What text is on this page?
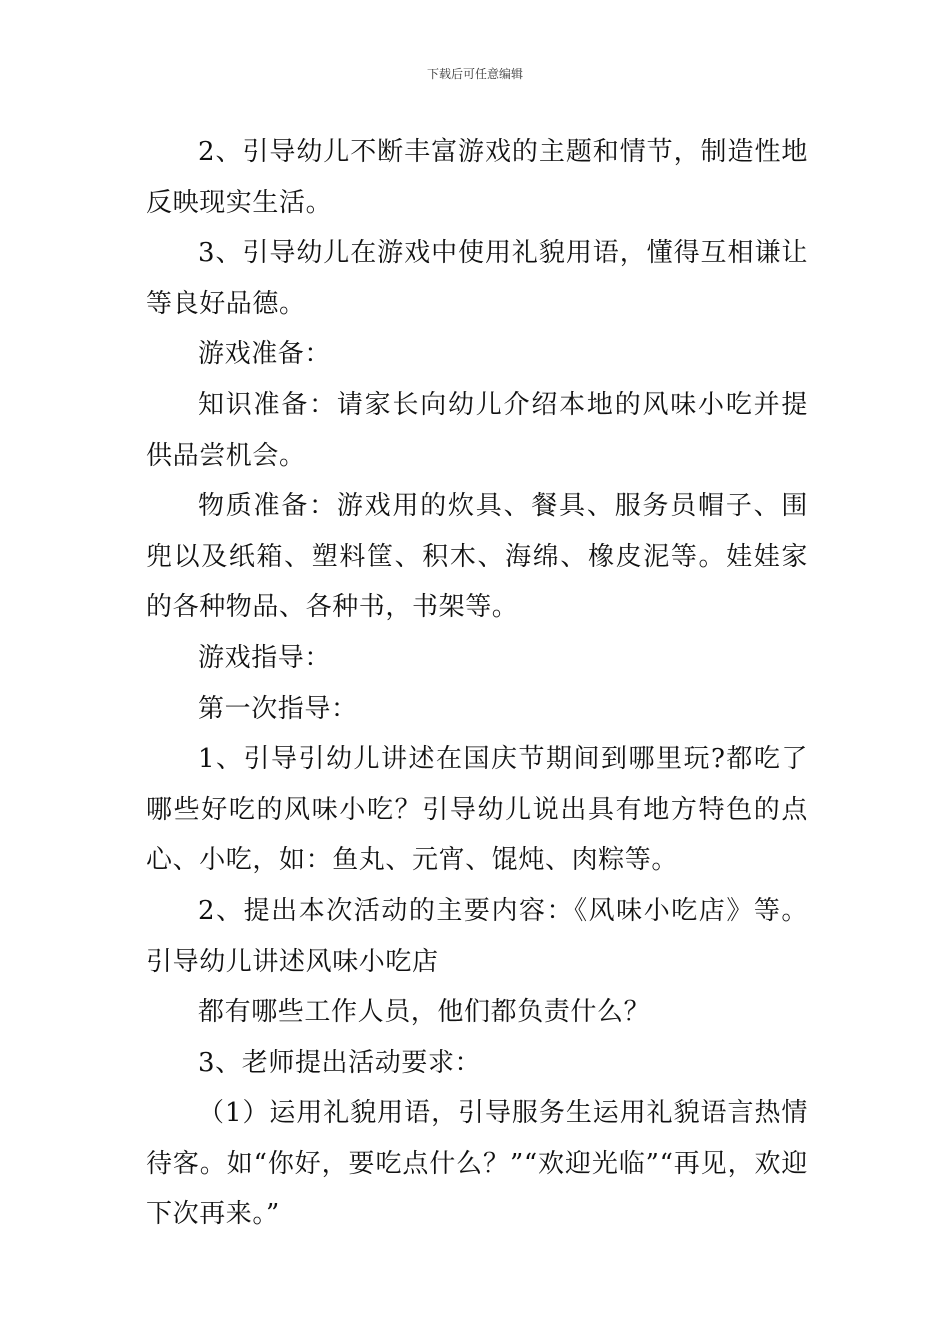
下载后可任意编辑

2、引导幼儿不断丰富游戏的主题和情节，制造性地反映现实生活。

3、引导幼儿在游戏中使用礼貌用语，懂得互相谦让等良好品德。

游戏准备：

知识准备：请家长向幼儿介绍本地的风味小吃并提供品尝机会。

物质准备：游戏用的炊具、餐具、服务员帽子、围兜以及纸箱、塑料筐、积木、海绵、橡皮泥等。娃娃家的各种物品、各种书，书架等。

游戏指导：

第一次指导：

1、引导引幼儿讲述在国庆节期间到哪里玩?都吃了哪些好吃的风味小吃？引导幼儿说出具有地方特色的点心、小吃，如：鱼丸、元宵、馄炖、肉粽等。

2、提出本次活动的主要内容：《风味小吃店》等。引导幼儿讲述风味小吃店

都有哪些工作人员，他们都负责什么？

3、老师提出活动要求：

（1）运用礼貌用语，引导服务生运用礼貌语言热情待客。如“你好，要吃点什么？”“欢迎光临”“再见，欢迎下次再来。”
